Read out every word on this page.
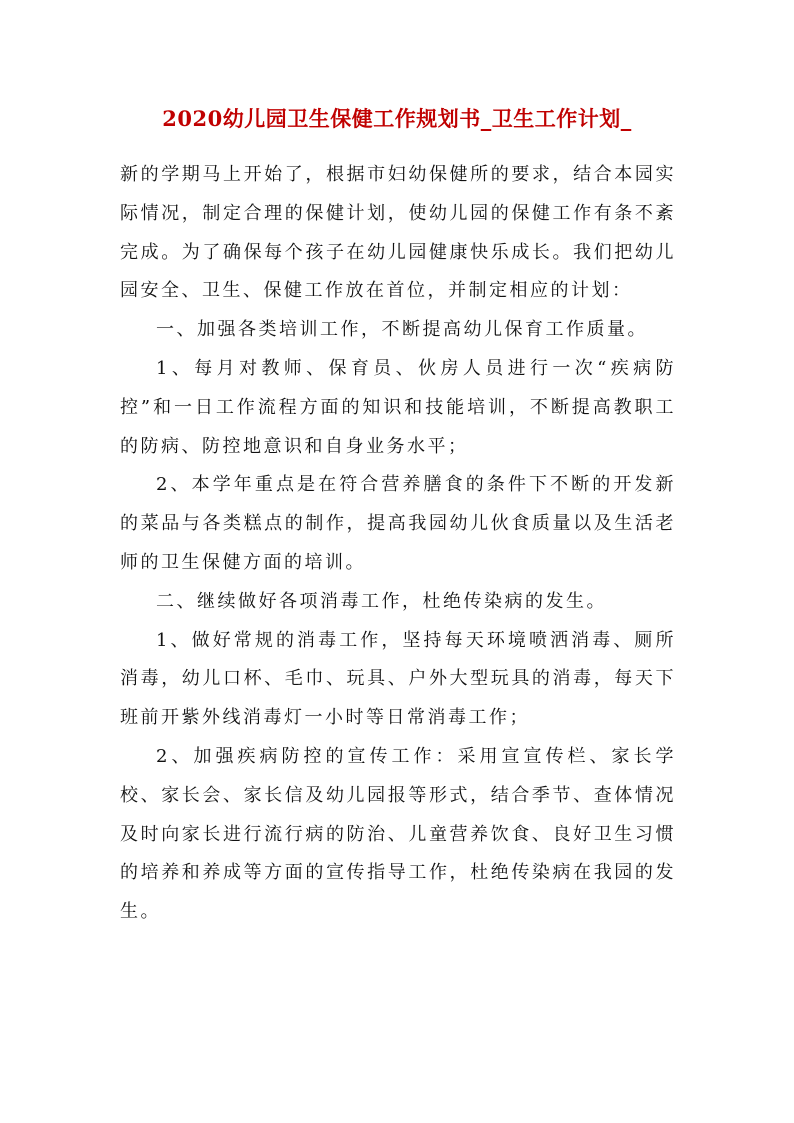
2020幼儿园卫生保健工作规划书_卫生工作计划_

新的学期马上开始了，根据市妇幼保健所的要求，结合本园实际情况，制定合理的保健计划，使幼儿园的保健工作有条不紊完成。为了确保每个孩子在幼儿园健康快乐成长。我们把幼儿园安全、卫生、保健工作放在首位，并制定相应的计划：

一、加强各类培训工作，不断提高幼儿保育工作质量。

1、每月对教师、保育员、伙房人员进行一次“疾病防控”和一日工作流程方面的知识和技能培训，不断提高教职工的防病、防控地意识和自身业务水平；

2、本学年重点是在符合营养膳食的条件下不断的开发新的菜品与各类糕点的制作，提高我园幼儿伙食质量以及生活老师的卫生保健方面的培训。

二、继续做好各项消毒工作，杜绝传染病的发生。

1、做好常规的消毒工作，坚持每天环境喷洒消毒、厕所消毒，幼儿口杯、毛巾、玩具、户外大型玩具的消毒，每天下班前开紫外线消毒灯一小时等日常消毒工作；

2、加强疾病防控的宣传工作：采用宣宣传栏、家长学校、家长会、家长信及幼儿园报等形式，结合季节、查体情况及时向家长进行流行病的防治、儿童营养饮食、良好卫生习惯的培养和养成等方面的宣传指导工作，杜绝传染病在我园的发生。
